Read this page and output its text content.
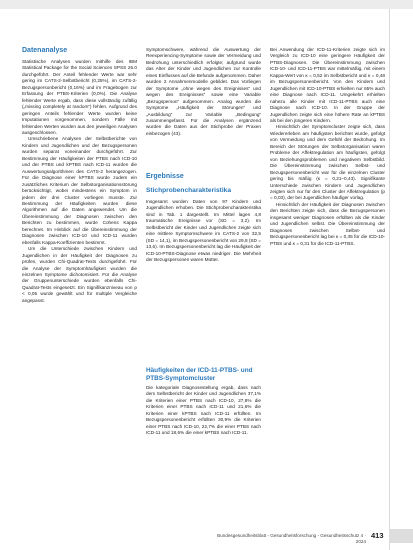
Datenanalyse

Statistische Analysen wurden mithilfe des IBM Statistical Package for the Social Sciences SPSS 26.0 durchgeführt. Der Anteil fehlender Werte war sehr gering im CATS-2-Selbstbericht (0,25%), im CATS-2-Bezugspersonbericht (0,16%) und im Fragebogen zur Erfassung der PTBS-Kriterien (0,0%). Die Analyse fehlender Werte ergab, dass diese vollständig zufällig („missing completely at random“) fehlen. Aufgrund des geringen Anteils fehlender Werte wurden keine Imputationen vorgenommen, sondern Fälle mit fehlenden Werten wurden aus den jeweiligen Analysen ausgeschlossen.

Umschriebene Analysen der Selbstberichte von Kindern und Jugendlichen und der Bezugspersonen wurden separat voneinander durchgeführt. Zur Bestimmung der Häufigkeiten der PTBS nach ICD-10 und der PTBS und kPTBS nach ICD-11 wurden die Auswertungsalgorithmen des CATS-2 herangezogen. Für die Diagnose einer kPTBS wurde zudem ein zusätzliches Kriterium der Selbstorganisationsstörung berücksichtigt, wobei mindestens ein Symptom in jedem der drei Cluster vorliegen musste. Zur Bestimmung der Häufigkeiten wurden diese Algorithmen auf die Daten angewendet. Um die Übereinstimmung der Diagnosen zwischen den Berichten zu bestimmen, wurde Cohens Kappa berechnet. Im Hinblick auf die Übereinstimmung der Diagnosen zwischen ICD-10 und ICD-11 wurden ebenfalls Kappa-Koeffizienten bestimmt.

Um die Unterschiede zwischen Kindern und Jugendlichen in der Häufigkeit der Diagnosen zu prüfen, wurden Chi-Quadrat-Tests durchgeführt. Für die Analyse der Symptomhäufigkeit wurden die einzelnen Symptome dichotomisiert. Für die Analyse der Gruppenunterschiede wurden ebenfalls Chi-Quadrat-Tests eingesetzt. Ein Signifikanzniveau von p < 0,05 wurde gewählt und für multiple Vergleiche angepasst.

Symptomschwere, während die Auswertung der Reexperiencing-Symptome sowie der Vermeidung und Bedrohung unterschiedlich erfolgte; aufgrund wurde das Alter der Kinder und Jugendlichen zur Kontrolle eines Einflusses auf die Befunde aufgenommen. Daher wurden 2 Annahmenmodelle gebildet. Das Vorliegen der Symptome „ohne wegen des Ereignisses“ und wegen des Ereignisses“ sowie eine Variable „Bezugsperson“ aufgenommen. Analog wurden die Symptome „Häufigkeit der Störungen“ und „Ausbildung“ zur Variable „Bedingung“ zusammengefasst. Für die Analysen ergänzend wurden die Daten aus der Stichprobe der Praxen einbezogen (43).

Ergebnisse
Stichprobencharakteristika

Insgesamt wurden Daten von 97 Kindern und Jugendlichen erhoben. Die Stichprobencharakteristika sind in Tab. 1 dargestellt. Im Mittel lagen 4,8 traumatische Ereignisse vor (SD = 3,2). Im Selbstbericht der Kinder und Jugendlichen zeigte sich eine mittlere Symptomschwere im CATS-2 von 32,5 (SD = 14,1), im Bezugspersonenbericht von 29,8 (SD = 13,6). Im Bezugspersonenbericht lag die Häufigkeit der ICD-10-PTBS-Diagnose etwas niedriger. Die Mehrheit der Bezugspersonen waren Mütter.

Häufigkeiten der ICD-11-PTBS- und PTBS-Symptomcluster

Die kategoriale Diagnosestellung ergab, dass nach dem Selbstbericht der Kinder und Jugendlichen 37,1% die Kriterien einer PTBS nach ICD-10, 27,8% die Kriterien einer PTBS nach ICD-11 und 21,6% die Kriterien einer kPTBS nach ICD-11 erfüllten. Im Bezugspersonenbericht erfüllten 30,9% die Kriterien einer PTBS nach ICD-10, 22,7% die einer PTBS nach ICD-11 und 18,6% die einer kPTBS nach ICD-11.

Bei Anwendung der ICD-11-Kriterien zeigte sich im Vergleich zu ICD-10 eine geringere Häufigkeit der PTBS-Diagnosen. Die Übereinstimmung zwischen ICD-10- und ICD-11-PTBS war mittelmäßig, mit einem Kappa-Wert von κ = 0,52 im Selbstbericht und κ = 0,48 im Bezugspersonenbericht. Von den Kindern und Jugendlichen mit ICD-10-PTBS erhielten nur 65% auch eine Diagnose nach ICD-11. Umgekehrt erhielten nahezu alle Kinder mit ICD-11-PTBS auch eine Diagnose nach ICD-10. In der Gruppe der Jugendlichen zeigte sich eine höhere Rate an kPTBS als bei den jüngeren Kindern.

Hinsichtlich der Symptomcluster zeigte sich, dass Wiedererleben am häufigsten berichtet wurde, gefolgt von Vermeidung und dem Gefühl der Bedrohung. Im Bereich der Störungen der Selbstorganisation waren Probleme der Affektregulation am häufigsten, gefolgt von Beziehungsproblemen und negativem Selbstbild. Die Übereinstimmung zwischen Selbst- und Bezugspersonenbericht war für die einzelnen Cluster gering bis mäßig (κ = 0,21–0,43). Signifikante Unterschiede zwischen Kindern und Jugendlichen zeigten sich nur für den Cluster der Affektregulation (p = 0,03), der bei Jugendlichen häufiger vorlag.

Hinsichtlich der Häufigkeit der Diagnosen zwischen den Berichten zeigte sich, dass die Bezugspersonen insgesamt weniger Diagnosen erfüllten als die Kinder und Jugendlichen selbst. Die Übereinstimmung der Diagnosen zwischen Selbst- und Bezugspersonenbericht lag bei κ = 0,35 für die ICD-10-PTBS und κ = 0,31 für die ICD-11-PTBS.

Bundesgesundheitsblatt - Gesundheitsforschung - Gesundheitsschutz 4 · 2024
413
